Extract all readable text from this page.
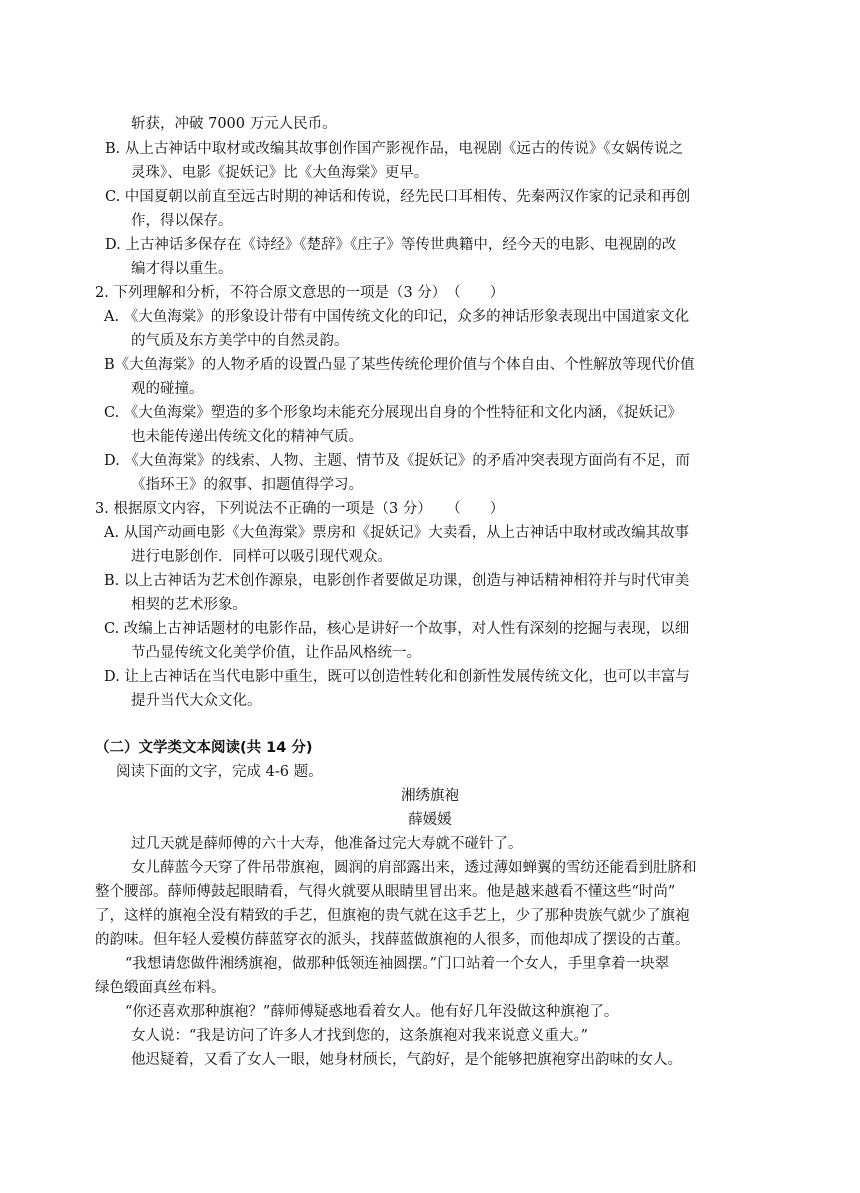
斩获，冲破 7000 万元人民币。
B. 从上古神话中取材或改编其故事创作国产影视作品，电视剧《远古的传说》《女娲传说之
灵珠》、电影《捉妖记》比《大鱼海棠》更早。
C. 中国夏朝以前直至远古时期的神话和传说，经先民口耳相传、先秦两汉作家的记录和再创
作，得以保存。
D. 上古神话多保存在《诗经》《楚辞》《庄子》等传世典籍中，经今天的电影、电视剧的改
编才得以重生。
2. 下列理解和分析，不符合原文意思的一项是（3 分）　（　　）
A. 《大鱼海棠》的形象设计带有中国传统文化的印记，众多的神话形象表现出中国道家文化
的气质及东方美学中的自然灵韵。
B《大鱼海棠》的人物矛盾的设置凸显了某些传统伦理价值与个体自由、个性解放等现代价值
观的碰撞。
C. 《大鱼海棠》塑造的多个形象均未能充分展现出自身的个性特征和文化内涵，《捉妖记》
也未能传递出传统文化的精神气质。
D. 《大鱼海棠》的线索、人物、主题、情节及《捉妖记》的矛盾冲突表现方面尚有不足，而
《指环王》的叙事、扣题值得学习。
3. 根据原文内容，下列说法不正确的一项是（3 分）　　（　　）
A. 从国产动画电影《大鱼海棠》票房和《捉妖记》大卖看，从上古神话中取材或改编其故事
进行电影创作．同样可以吸引现代观众。
B. 以上古神话为艺术创作源泉，电影创作者要做足功课，创造与神话精神相符并与时代审美
相契的艺术形象。
C. 改编上古神话题材的电影作品，核心是讲好一个故事，对人性有深刻的挖掘与表现，以细
节凸显传统文化美学价值，让作品风格统一。
D. 让上古神话在当代电影中重生，既可以创造性转化和创新性发展传统文化，也可以丰富与
提升当代大众文化。
（二）文学类文本阅读(共 14 分)
阅读下面的文字，完成 4-6 题。
湘绣旗袍
薛媛媛
过几天就是薛师傅的六十大寿，他准备过完大寿就不碰针了。
女儿薛蓝今天穿了件吊带旗袍，圆润的肩部露出来，透过薄如蝉翼的雪纺还能看到肚脐和
整个腰部。薛师傅鼓起眼睛看，气得火就要从眼睛里冒出来。他是越来越看不懂这些“时尚”
了，这样的旗袍全没有精致的手艺，但旗袍的贵气就在这手艺上，少了那种贵族气就少了旗袍
的韵味。但年轻人爱模仿薛蓝穿衣的派头，找薛蓝做旗袍的人很多，而他却成了摆设的古董。
“我想请您做件湘绣旗袍，做那种低领连袖圆摆。”门口站着一个女人，手里拿着一块翠
绿色缎面真丝布料。
“你还喜欢那种旗袍？”薛师傅疑惑地看着女人。他有好几年没做这种旗袍了。
女人说：“我是访问了许多人才找到您的，这条旗袍对我来说意义重大。”
他迟疑着，又看了女人一眼，她身材颀长，气韵好，是个能够把旗袍穿出韵味的女人。
